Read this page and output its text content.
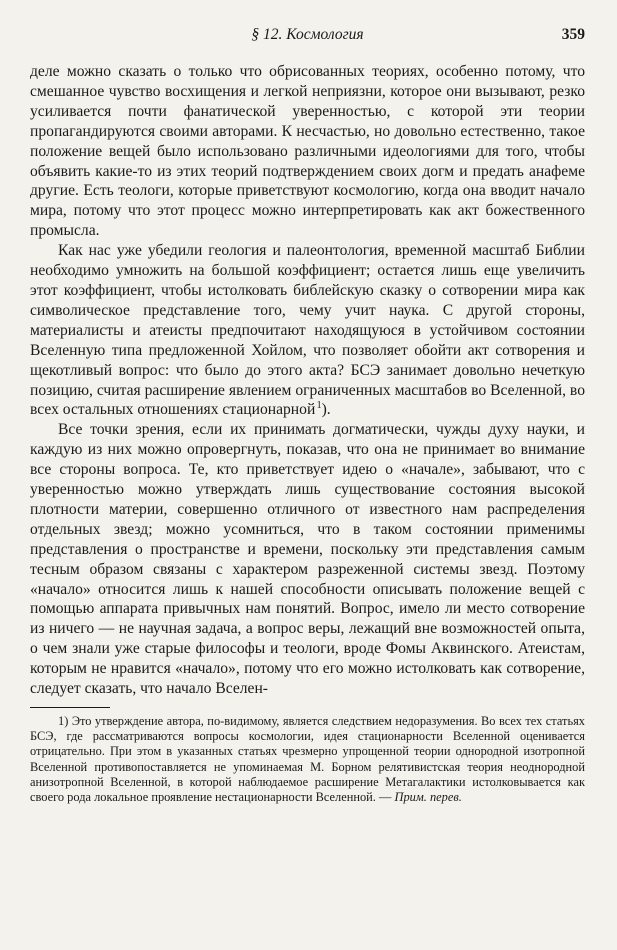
§ 12. Космология	359

деле можно сказать о только что обрисованных теориях, особенно потому, что смешанное чувство восхищения и легкой неприязни, которое они вызывают, резко усиливается почти фанатической уверенностью, с которой эти теории пропагандируются своими авторами. К несчастью, но довольно естественно, такое положение вещей было использовано различными идеологиями для того, чтобы объявить какие-то из этих теорий подтверждением своих догм и предать анафеме другие. Есть теологи, которые приветствуют космологию, когда она вводит начало мира, потому что этот процесс можно интерпретировать как акт божественного промысла.

Как нас уже убедили геология и палеонтология, временной масштаб Библии необходимо умножить на большой коэффициент; остается лишь еще увеличить этот коэффициент, чтобы истолковать библейскую сказку о сотворении мира как символическое представление того, чему учит наука. С другой стороны, материалисты и атеисты предпочитают находящуюся в устойчивом состоянии Вселенную типа предложенной Хойлом, что позволяет обойти акт сотворения и щекотливый вопрос: что было до этого акта? БСЭ занимает довольно нечеткую позицию, считая расширение явлением ограниченных масштабов во Вселенной, во всех остальных отношениях стационарной $^1$).

Все точки зрения, если их принимать догматически, чужды духу науки, и каждую из них можно опровергнуть, показав, что она не принимает во внимание все стороны вопроса. Те, кто приветствует идею о «начале», забывают, что с уверенностью можно утверждать лишь существование состояния высокой плотности материи, совершенно отличного от известного нам распределения отдельных звезд; можно усомниться, что в таком состоянии применимы представления о пространстве и времени, поскольку эти представления самым тесным образом связаны с характером разреженной системы звезд. Поэтому «начало» относится лишь к нашей способности описывать положение вещей с помощью аппарата привычных нам понятий. Вопрос, имело ли место сотворение из ничего — не научная задача, а вопрос веры, лежащий вне возможностей опыта, о чем знали уже старые философы и теологи, вроде Фомы Аквинского. Атеистам, которым не нравится «начало», потому что его можно истолковать как сотворение, следует сказать, что начало Вселен-

1) Это утверждение автора, по-видимому, является следствием недоразумения. Во всех тех статьях БСЭ, где рассматриваются вопросы космологии, идея стационарности Вселенной оценивается отрицательно. При этом в указанных статьях чрезмерно упрощенной теории однородной изотропной Вселенной противопоставляется не упоминаемая М. Борном релятивистская теория неоднородной анизотропной Вселенной, в которой наблюдаемое расширение Метагалактики истолковывается как своего рода локальное проявление нестационарности Вселенной. — Прим. перев.
